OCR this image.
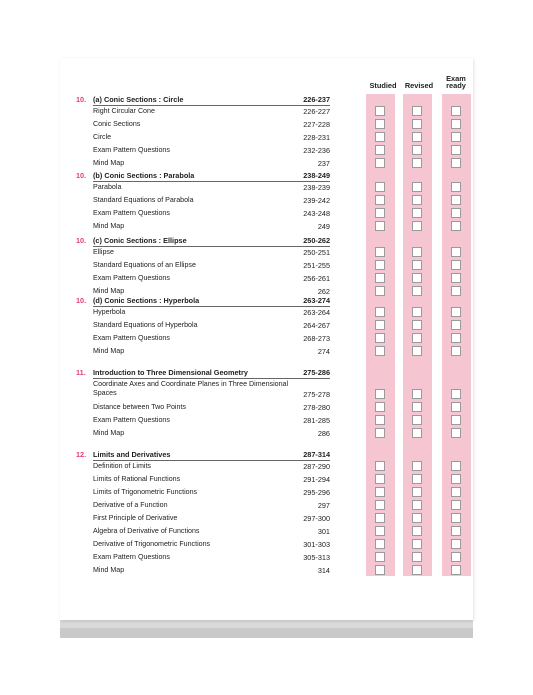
Studied	Revised
Exam ready
10. (a) Conic Sections : Circle	226-237
Right Circular Cone	226-227
Conic Sections	227-228
Circle	228-231
Exam Pattern Questions	232-236
Mind Map	237
10. (b) Conic Sections : Parabola	238-249
Parabola	238-239
Standard Equations of Parabola	239-242
Exam Pattern Questions	243-248
Mind Map	249
10. (c) Conic Sections : Ellipse	250-262
Ellipse	250-251
Standard Equations of an Ellipse	251-255
Exam Pattern Questions	256-261
Mind Map	262
10. (d) Conic Sections : Hyperbola	263-274
Hyperbola	263-264
Standard Equations of Hyperbola	264-267
Exam Pattern Questions	268-273
Mind Map	274
11. Introduction to Three Dimensional Geometry	275-286
Coordinate Axes and Coordinate Planes in Three Dimensional Spaces	275-278
Distance between Two Points	278-280
Exam Pattern Questions	281-285
Mind Map	286
12. Limits and Derivatives	287-314
Definition of Limits	287-290
Limits of Rational Functions	291-294
Limits of Trigonometric Functions	295-296
Derivative of a Function	297
First Principle of Derivative	297-300
Algebra of Derivative of Functions	301
Derivative of Trigonometric Functions	301-303
Exam Pattern Questions	305-313
Mind Map	314
